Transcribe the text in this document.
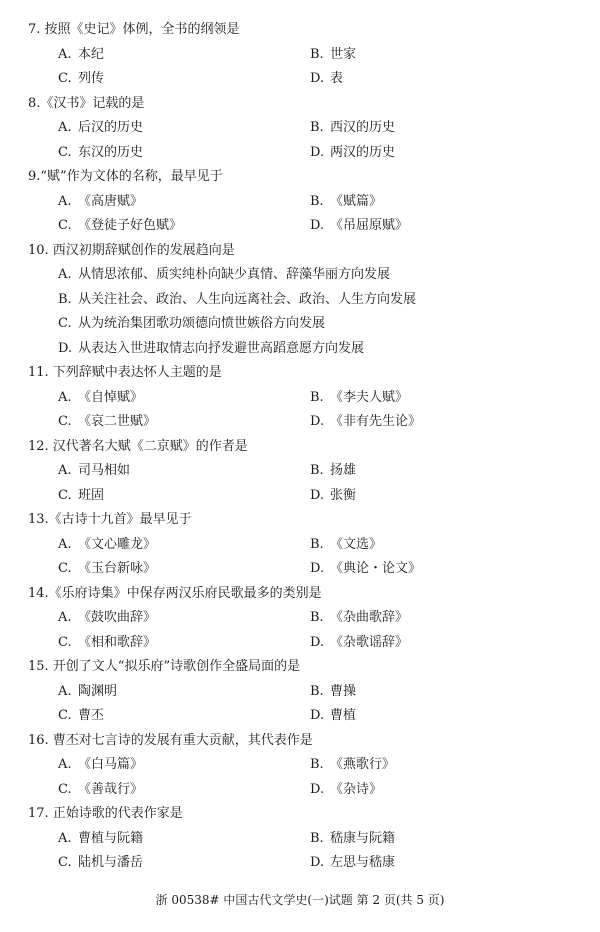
7. 按照《史记》体例，全书的纲领是
A. 本纪	B. 世家
C. 列传	D. 表
8.《汉书》记载的是
A. 后汉的历史	B. 西汉的历史
C. 东汉的历史	D. 两汉的历史
9.“赋”作为文体的名称，最早见于
A. 《高唐赋》	B. 《赋篇》
C. 《登徒子好色赋》	D. 《吊屈原赋》
10. 西汉初期辞赋创作的发展趋向是
A. 从情思浓郁、质实纯朴向缺少真情、辞藻华丽方向发展
B. 从关注社会、政治、人生向远离社会、政治、人生方向发展
C. 从为统治集团歌功颂德向愤世嫉俗方向发展
D. 从表达入世进取情志向抒发避世高蹈意愿方向发展
11. 下列辞赋中表达怀人主题的是
A. 《自悼赋》	B. 《李夫人赋》
C. 《哀二世赋》	D. 《非有先生论》
12. 汉代著名大赋《二京赋》的作者是
A. 司马相如	B. 扬雄
C. 班固	D. 张衡
13.《古诗十九首》最早见于
A. 《文心雕龙》	B. 《文选》
C. 《玉台新咏》	D. 《典论・论文》
14.《乐府诗集》中保存两汉乐府民歌最多的类别是
A. 《鼓吹曲辞》	B. 《杂曲歌辞》
C. 《相和歌辞》	D. 《杂歌谣辞》
15. 开创了文人“拟乐府”诗歌创作全盛局面的是
A. 陶渊明	B. 曹操
C. 曹丕	D. 曹植
16. 曹丕对七言诗的发展有重大贡献，其代表作是
A. 《白马篇》	B. 《燕歌行》
C. 《善哉行》	D. 《杂诗》
17. 正始诗歌的代表作家是
A. 曹植与阮籍	B. 嵇康与阮籍
C. 陆机与潘岳	D. 左思与嵇康
浙 00538# 中国古代文学史(一)试题 第 2 页(共 5 页)
